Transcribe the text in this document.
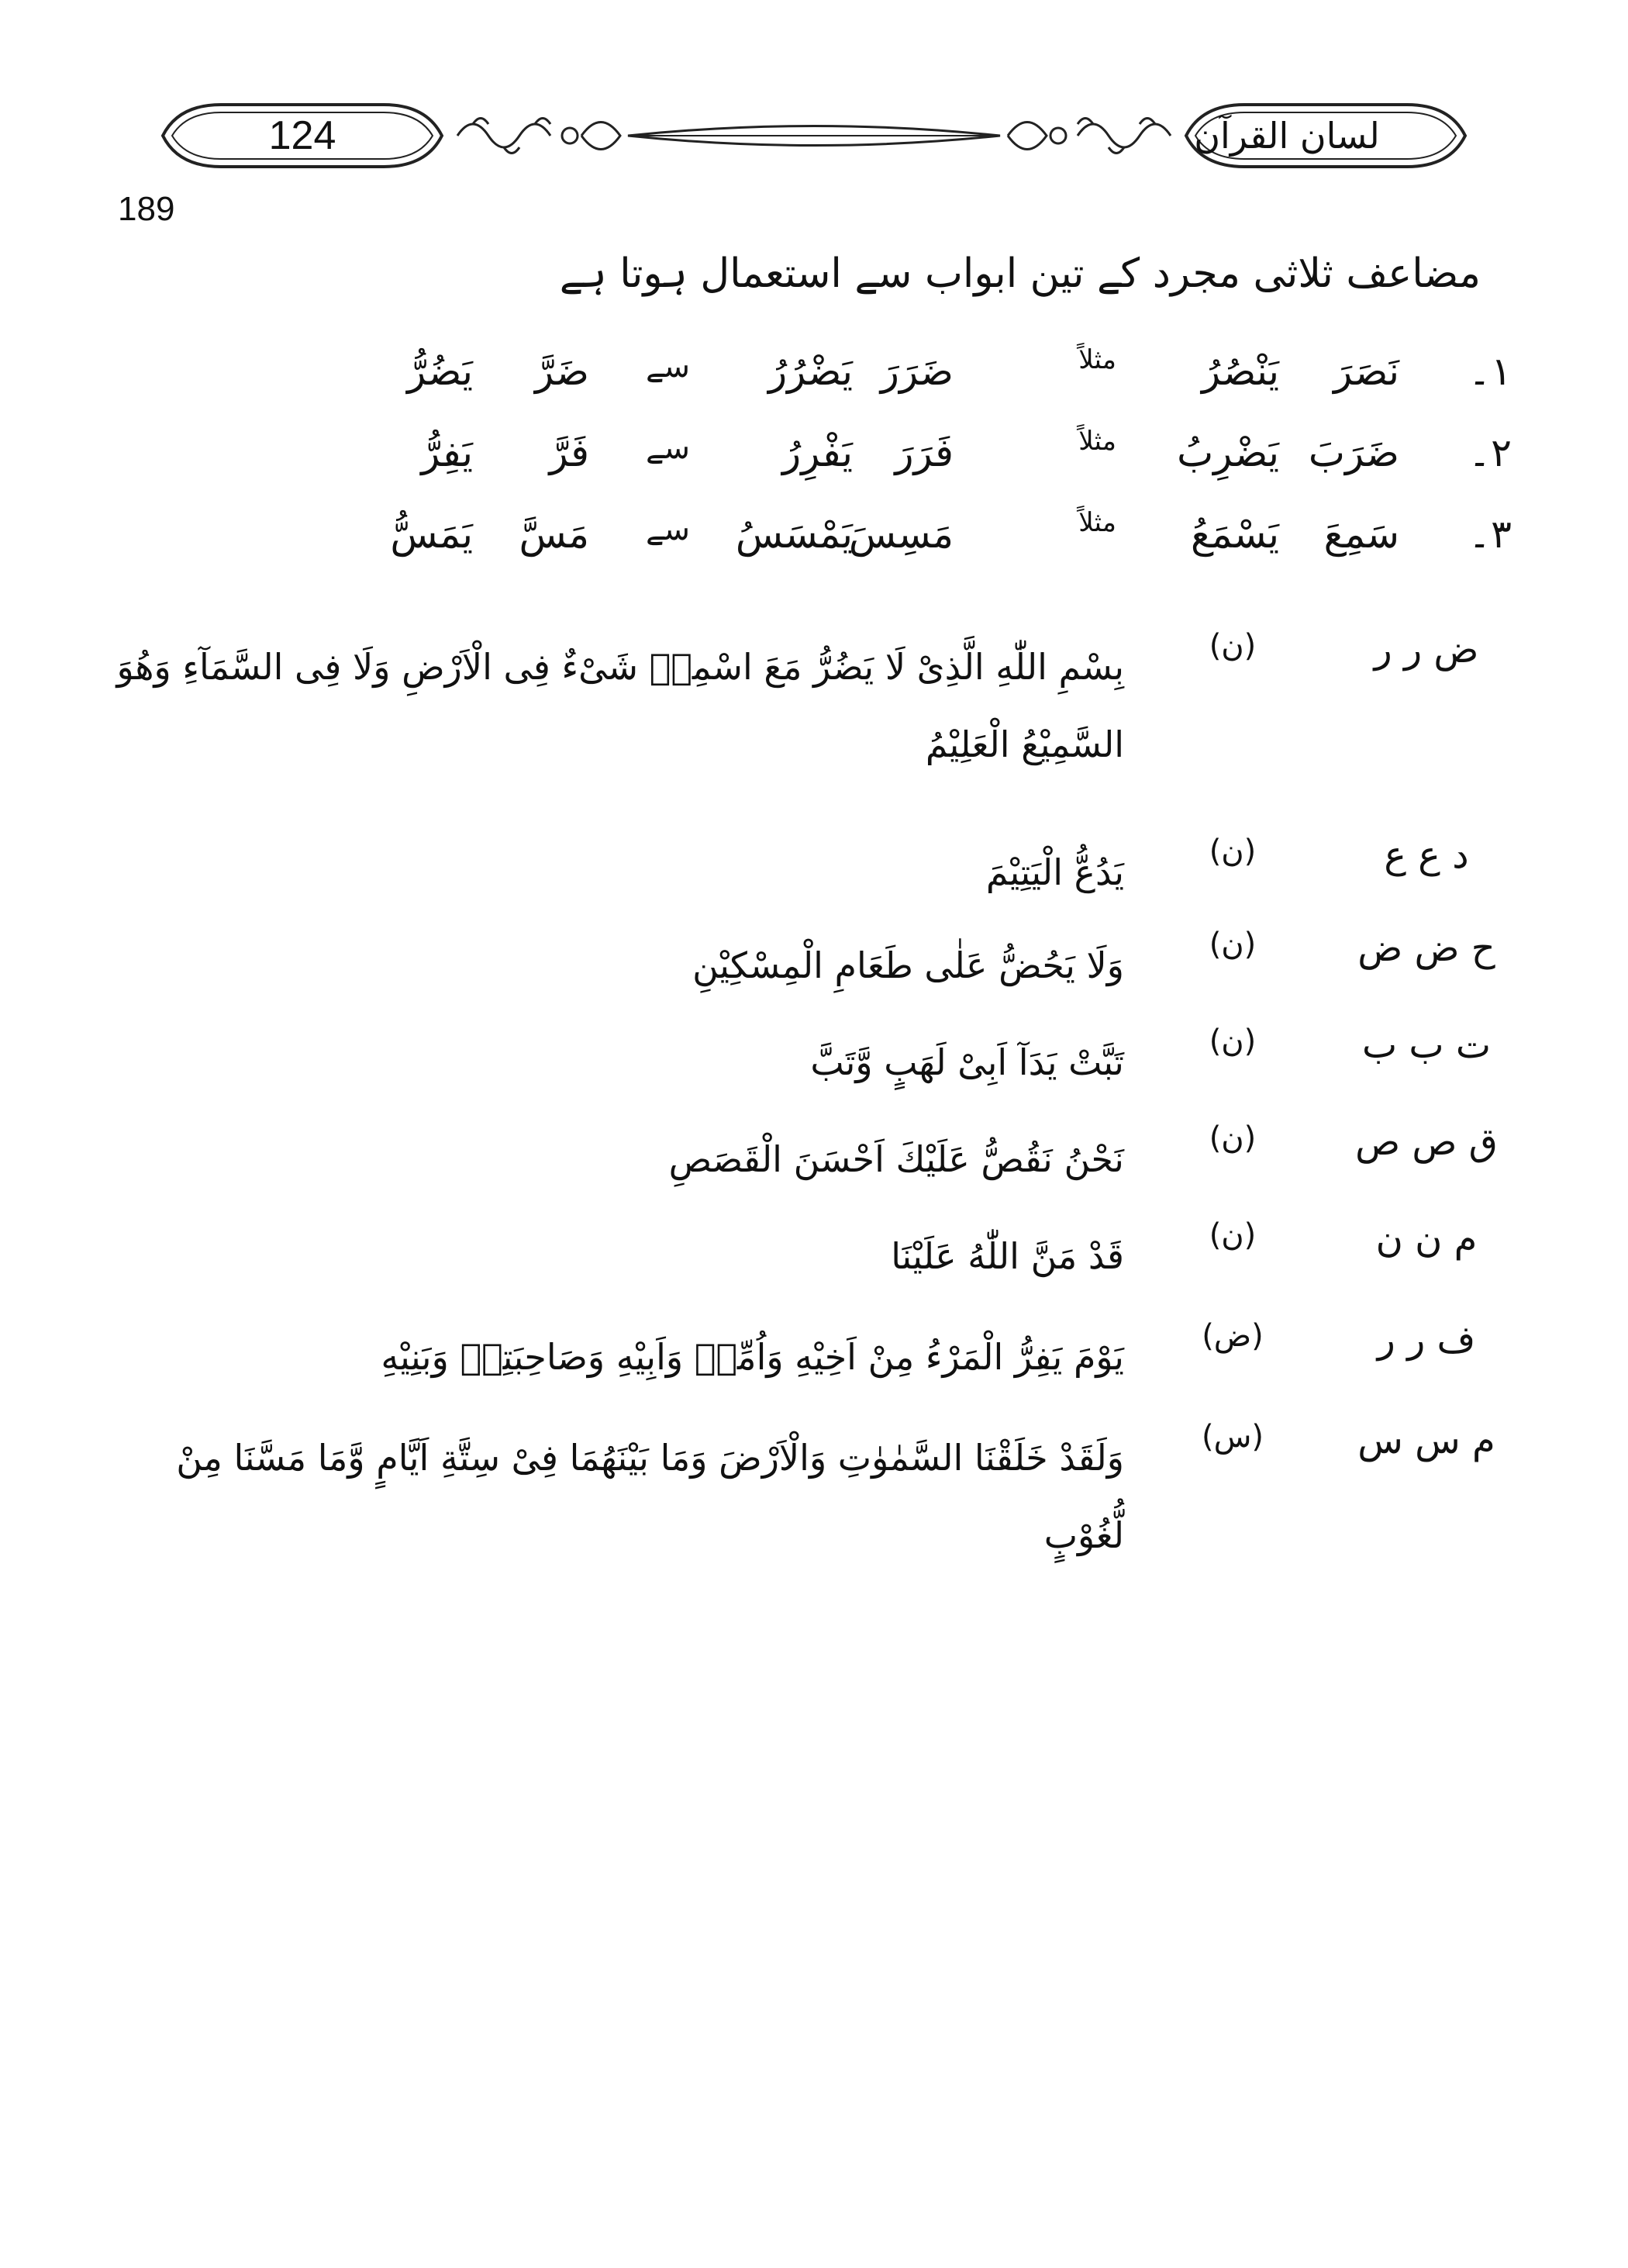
124	لسان القرآن
189
مضاعف ثلاثی مجرد کے تین ابواب سے استعمال ہوتا ہے
۱۔
نَصَرَ
يَنْصُرُ
مثلاً
ضَرَرَ
يَضْرُرُ
سے
ضَرَّ
يَضُرُّ
۲۔
ضَرَبَ
يَضْرِبُ
مثلاً
فَرَرَ
يَفْرِرُ
سے
فَرَّ
يَفِرُّ
۳۔
سَمِعَ
يَسْمَعُ
مثلاً
مَسِسَ
يَمْسَسُ
سے
مَسَّ
يَمَسُّ
ض ر ر
(ن)
بِسْمِ اللّٰهِ الَّذِىْ لَا يَضُرُّ مَعَ اسْمِهٖ شَىْءٌ فِى الْاَرْضِ وَلَا فِى السَّمَآءِ وَهُوَ السَّمِيْعُ الْعَلِيْمُ
د ع ع
(ن)
يَدُعُّ الْيَتِيْمَ
ح ض ض
(ن)
وَلَا يَحُضُّ عَلٰى طَعَامِ الْمِسْكِيْنِ
ت ب ب
(ن)
تَبَّتْ يَدَآ اَبِىْ لَهَبٍ وَّتَبَّ
ق ص ص
(ن)
نَحْنُ نَقُصُّ عَلَيْكَ اَحْسَنَ الْقَصَصِ
م ن ن
(ن)
قَدْ مَنَّ اللّٰهُ عَلَيْنَا
ف ر ر
(ض)
يَوْمَ يَفِرُّ الْمَرْءُ مِنْ اَخِيْهِ وَاُمِّهٖ وَاَبِيْهِ وَصَاحِبَتِهٖ وَبَنِيْهِ
م س س
(س)
وَلَقَدْ خَلَقْنَا السَّمٰوٰتِ وَالْاَرْضَ وَمَا بَيْنَهُمَا فِىْ سِتَّةِ اَيَّامٍ وَّمَا مَسَّنَا مِنْ لُّغُوْبٍ
